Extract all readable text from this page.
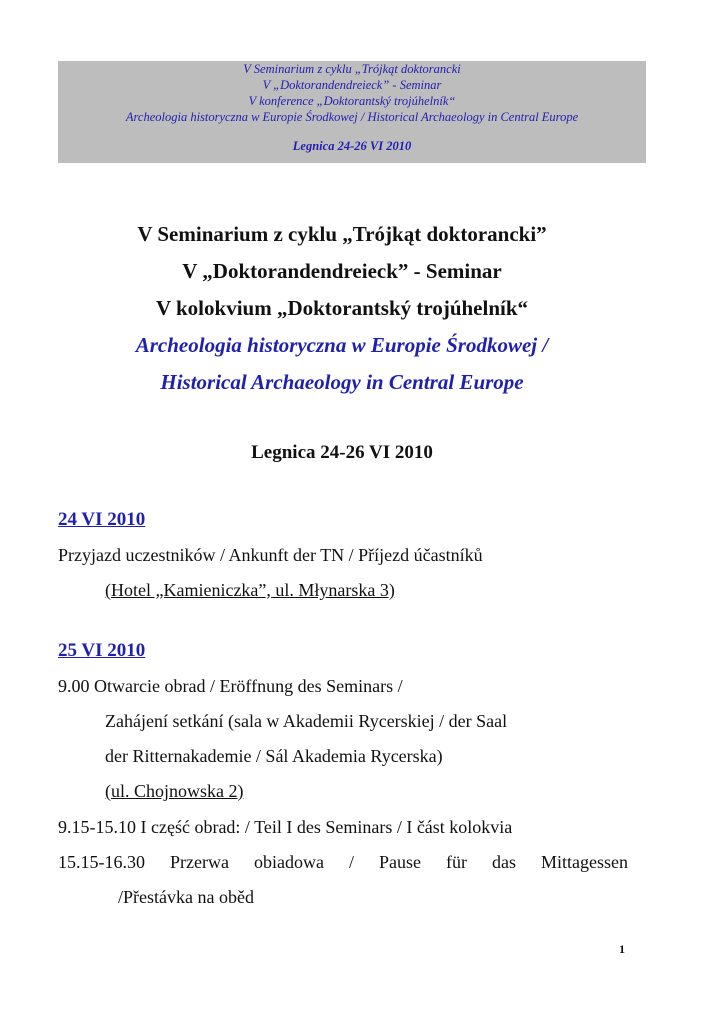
V Seminarium z cyklu „Trójkąt doktorancki
V „Doktorandendreieck” - Seminar
V konference „Doktorantský trojúhelník“
Archeologia historyczna w Europie Środkowej / Historical Archaeology in Central Europe
Legnica 24-26 VI 2010
V Seminarium z cyklu „Trójkąt doktorancki”
V „Doktorandendreieck” - Seminar
V kolokvium „Doktorantský trojúhelník“
Archeologia historyczna w Europie Środkowej /
Historical Archaeology in Central Europe
Legnica 24-26 VI 2010
24 VI 2010
Przyjazd uczestników / Ankunft der TN / Příjezd účastníků
(Hotel „Kamieniczka”, ul. Młynarska 3)
25 VI 2010
9.00 Otwarcie obrad / Eröffnung des Seminars /
Zahájení setkání (sala w Akademii Rycerskiej / der Saal
der Ritternakademie / Sál Akademia Rycerska)
(ul. Chojnowska 2)
9.15-15.10 I część obrad: / Teil I des Seminars / I část kolokvia
15.15-16.30 Przerwa obiadowa / Pause für das Mittagessen
/Přestávka na oběd
1
